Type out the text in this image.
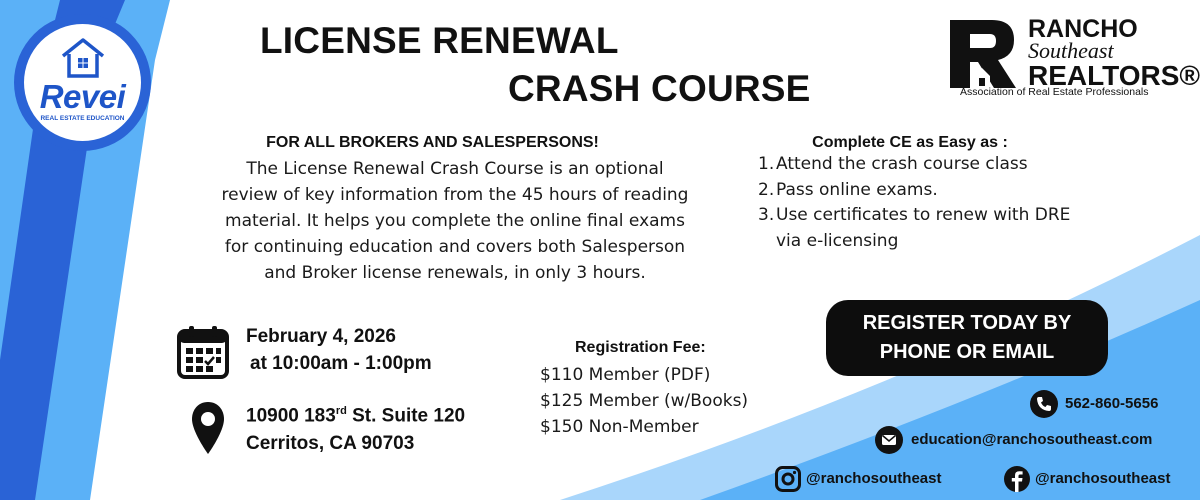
Revei
REAL ESTATE EDUCATION
LICENSE RENEWAL
CRASH COURSE
RANCHO
Southeast
REALTORS®
Association of Real Estate Professionals
FOR ALL BROKERS AND SALESPERSONS!
The License Renewal Crash Course is an optional
review of key information from the 45 hours of reading
material. It helps you complete the online final exams
for continuing education and covers both Salesperson
and Broker license renewals, in only 3 hours.
Complete CE as Easy as :
1. Attend the crash course class
2. Pass online exams.
3. Use certificates to renew with DRE
via e-licensing
February 4, 2026
at 10:00am - 1:00pm
10900 183rd St. Suite 120
Cerritos, CA 90703
Registration Fee:
$110 Member (PDF)
$125 Member (w/Books)
$150 Non-Member
REGISTER TODAY BY
PHONE OR EMAIL
562-860-5656
education@ranchosoutheast.com
@ranchosoutheast	@ranchosoutheast
